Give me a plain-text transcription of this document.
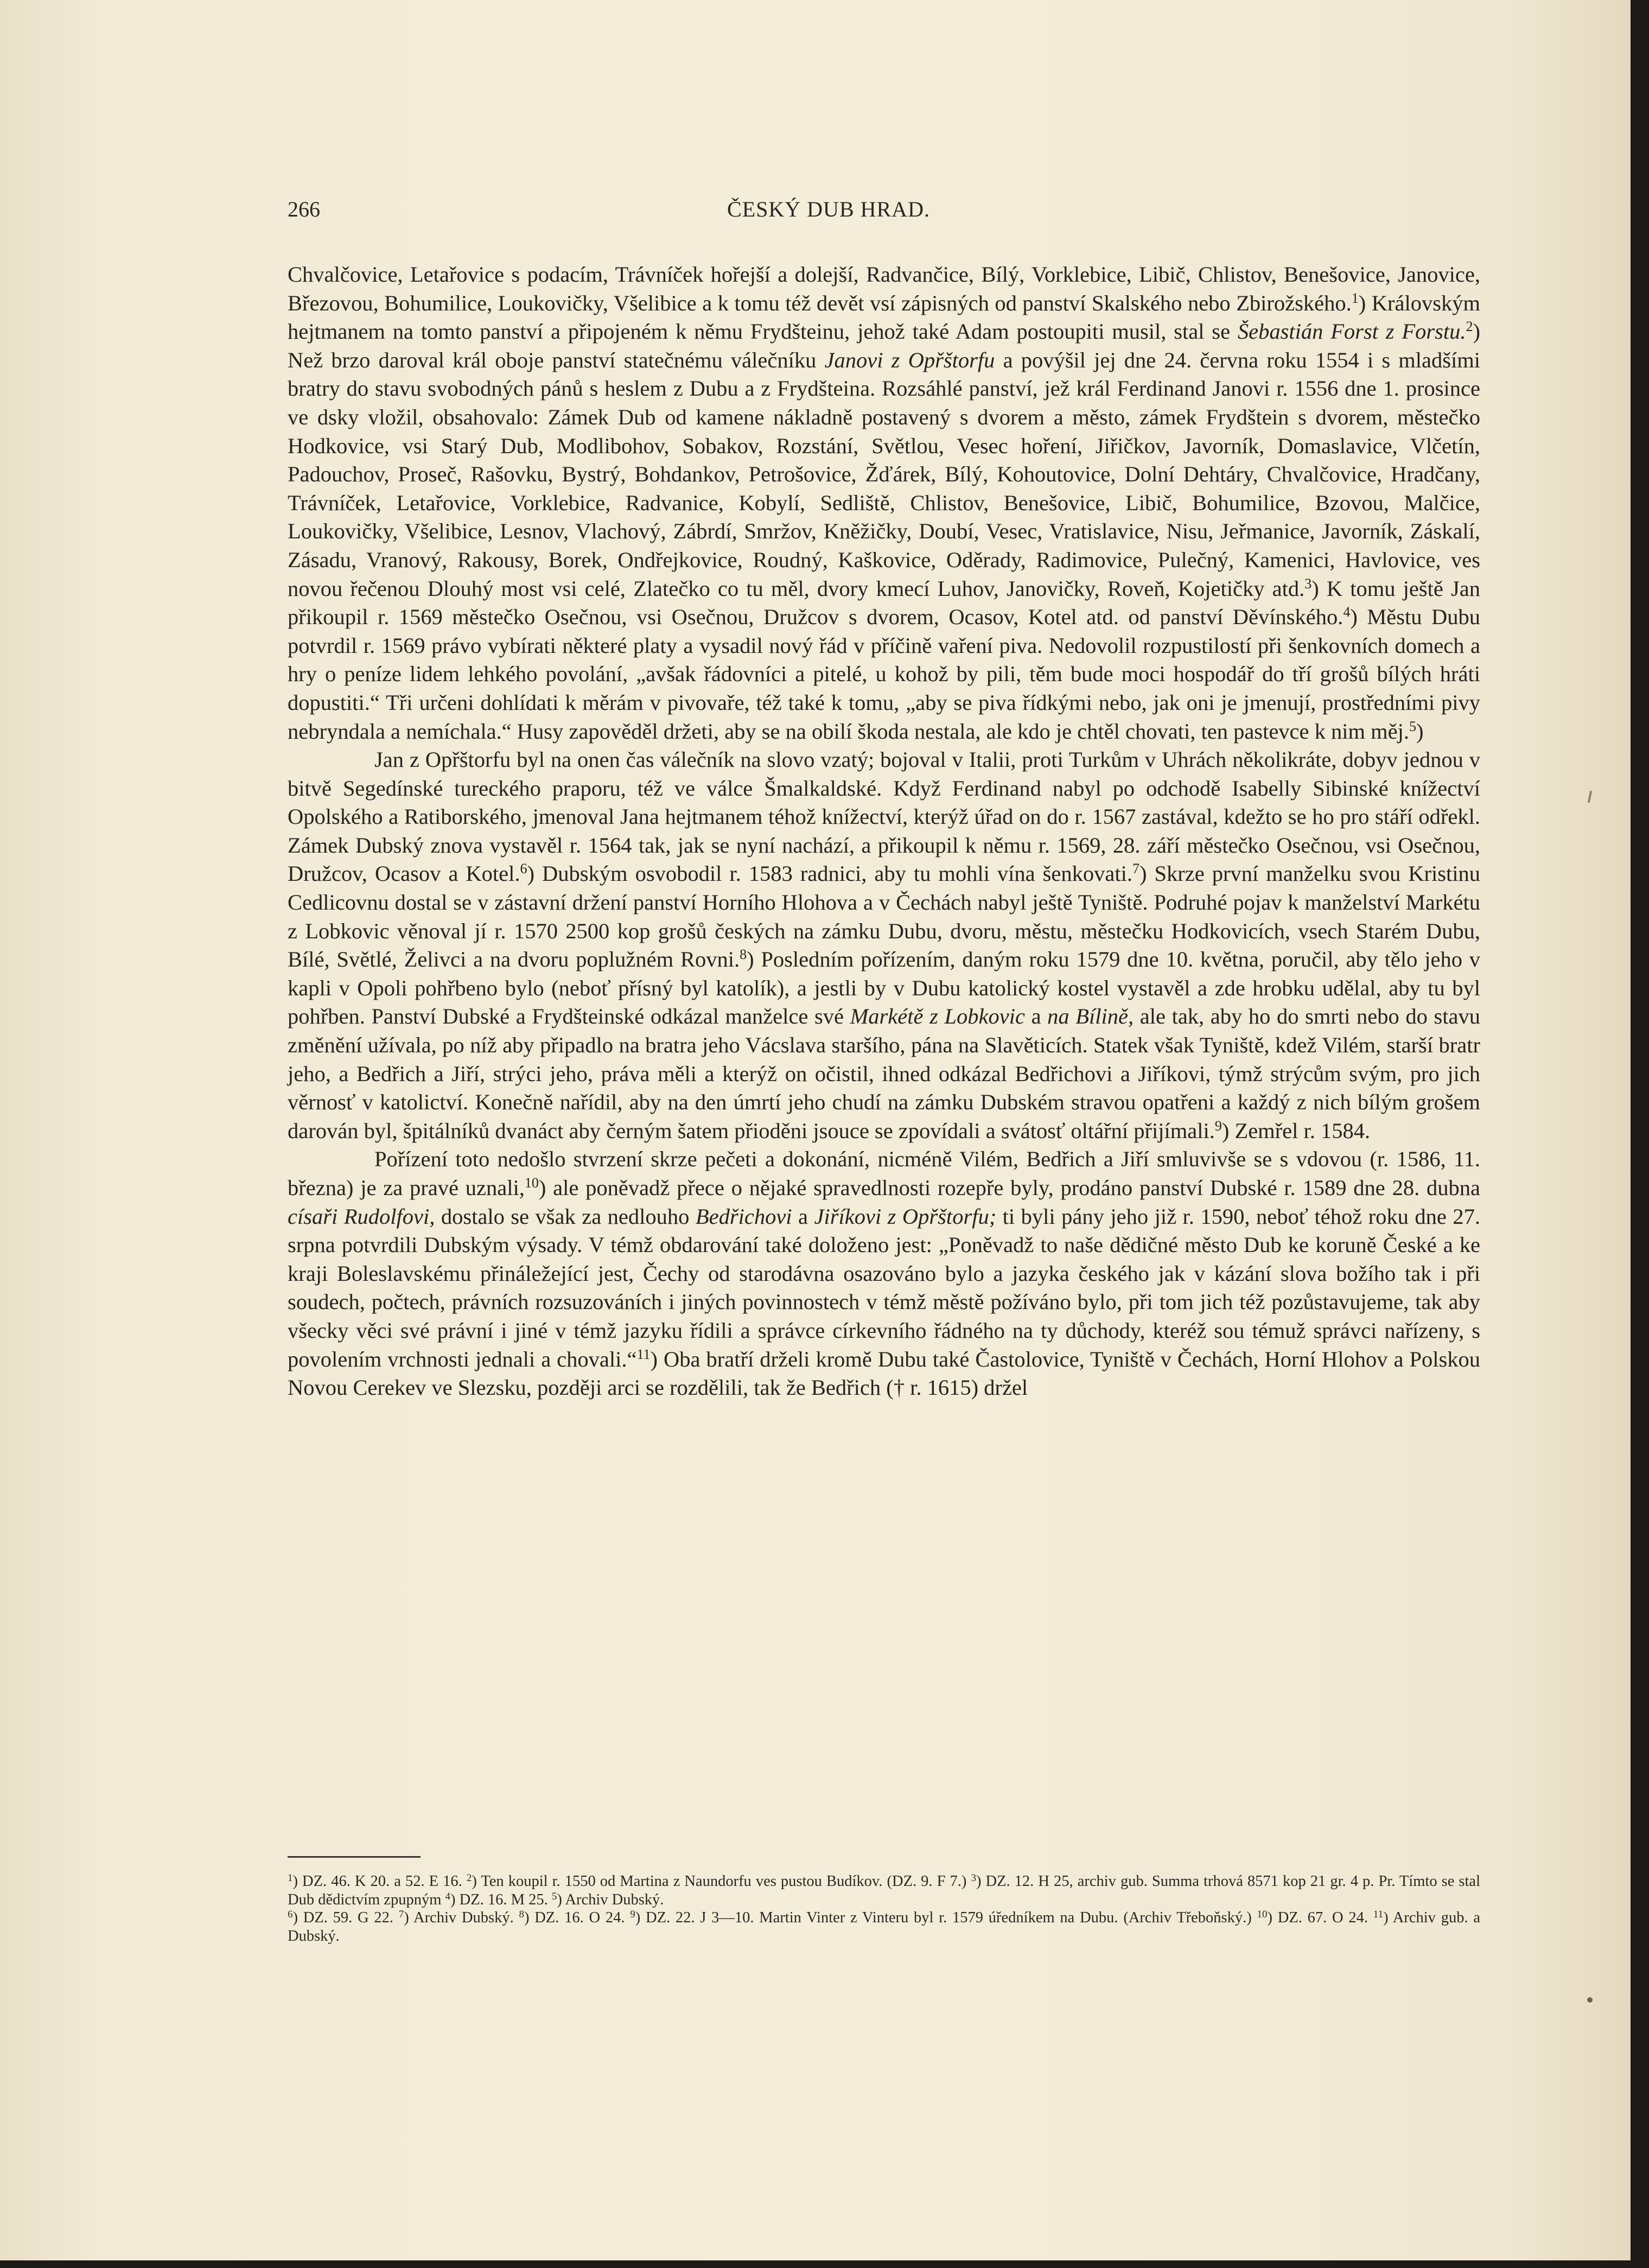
266	ČESKÝ DUB HRAD.

Chvalčovice, Letařovice s podacím, Trávníček hořejší a dolejší, Radvančice, Bílý, Vorklebice, Libič, Chlistov, Benešovice, Janovice, Březovou, Bohumilice, Loukovičky, Všelibice a k tomu též devět vsí zápisných od panství Skalského nebo Zbirožského.$^1$) Královským hejtmanem na tomto panství a připojeném k němu Frydšteinu, jehož také Adam postoupiti musil, stal se Šebastián Forst z Forstu.$^2$) Než brzo daroval král oboje panství statečnému válečníku Janovi z Opřštorfu a povýšil jej dne 24. června roku 1554 i s mladšími bratry do stavu svobodných pánů s heslem z Dubu a z Frydšteina. Rozsáhlé panství, jež král Ferdinand Janovi r. 1556 dne 1. prosince ve dsky vložil, obsahovalo: Zámek Dub od kamene nákladně postavený s dvorem a město, zámek Frydštein s dvorem, městečko Hodkovice, vsi Starý Dub, Modlibohov, Sobakov, Rozstání, Světlou, Vesec hoření, Jiřičkov, Javorník, Domaslavice, Vlčetín, Padouchov, Proseč, Rašovku, Bystrý, Bohdankov, Petrošovice, Žďárek, Bílý, Kohoutovice, Dolní Dehtáry, Chvalčovice, Hradčany, Trávníček, Letařovice, Vorklebice, Radvanice, Kobylí, Sedliště, Chlistov, Benešovice, Libič, Bohumilice, Bzovou, Malčice, Loukovičky, Všelibice, Lesnov, Vlachový, Zábrdí, Smržov, Kněžičky, Doubí, Vesec, Vratislavice, Nisu, Jeřmanice, Javorník, Záskalí, Zásadu, Vranový, Rakousy, Borek, Ondřejkovice, Roudný, Kaškovice, Oděrady, Radimovice, Pulečný, Kamenici, Havlovice, ves novou řečenou Dlouhý most vsi celé, Zlatečko co tu měl, dvory kmecí Luhov, Janovičky, Roveň, Kojetičky atd.$^3$) K tomu ještě Jan přikoupil r. 1569 městečko Osečnou, vsi Osečnou, Družcov s dvorem, Ocasov, Kotel atd. od panství Děvínského.$^4$) Městu Dubu potvrdil r. 1569 právo vybírati některé platy a vysadil nový řád v příčině vaření piva. Nedovolil rozpustilostí při šenkovních domech a hry o peníze lidem lehkého povolání, „avšak řádovníci a pitelé, u kohož by pili, těm bude moci hospodář do tří grošů bílých hráti dopustiti.“ Tři určeni dohlídati k měrám v pivovaře, též také k tomu, „aby se piva řídkými nebo, jak oni je jmenují, prostředními pivy nebryndala a nemíchala.“ Husy zapověděl držeti, aby se na obilí škoda nestala, ale kdo je chtěl chovati, ten pastevce k nim měj.$^5$)

Jan z Opřštorfu byl na onen čas válečník na slovo vzatý; bojoval v Italii, proti Turkům v Uhrách několikráte, dobyv jednou v bitvě Segedínské tureckého praporu, též ve válce Šmalkaldské. Když Ferdinand nabyl po odchodě Isabelly Sibinské knížectví Opolského a Ratiborského, jmenoval Jana hejtmanem téhož knížectví, kterýž úřad on do r. 1567 zastával, kdežto se ho pro stáří odřekl. Zámek Dubský znova vystavěl r. 1564 tak, jak se nyní nachází, a přikoupil k němu r. 1569, 28. září městečko Osečnou, vsi Osečnou, Družcov, Ocasov a Kotel.$^6$) Dubským osvobodil r. 1583 radnici, aby tu mohli vína šenkovati.$^7$) Skrze první manželku svou Kristinu Cedlicovnu dostal se v zástavní držení panství Horního Hlohova a v Čechách nabyl ještě Tyniště. Podruhé pojav k manželství Markétu z Lobkovic věnoval jí r. 1570 2500 kop grošů českých na zámku Dubu, dvoru, městu, městečku Hodkovicích, vsech Starém Dubu, Bílé, Světlé, Želivci a na dvoru poplužném Rovni.$^8$) Posledním pořízením, daným roku 1579 dne 10. května, poručil, aby tělo jeho v kapli v Opoli pohřbeno bylo (neboť přísný byl katolík), a jestli by v Dubu katolický kostel vystavěl a zde hrobku udělal, aby tu byl pohřben. Panství Dubské a Frydšteinské odkázal manželce své Markétě z Lobkovic a na Bílině, ale tak, aby ho do smrti nebo do stavu změnění užívala, po níž aby připadlo na bratra jeho Vácslava staršího, pána na Slavěticích. Statek však Tyniště, kdež Vilém, starší bratr jeho, a Bedřich a Jiří, strýci jeho, práva měli a kterýž on očistil, ihned odkázal Bedřichovi a Jiříkovi, týmž strýcům svým, pro jich věrnosť v katolictví. Konečně nařídil, aby na den úmrtí jeho chudí na zámku Dubském stravou opatřeni a každý z nich bílým grošem darován byl, špitálníků dvanáct aby černým šatem přioděni jsouce se zpovídali a svátosť oltářní přijímali.$^9$) Zemřel r. 1584.

Pořízení toto nedošlo stvrzení skrze pečeti a dokonání, nicméně Vilém, Bedřich a Jiří smluvivše se s vdovou (r. 1586, 11. března) je za pravé uznali,$^{10}$) ale poněvadž přece o nějaké spravedlnosti rozepře byly, prodáno panství Dubské r. 1589 dne 28. dubna císaři Rudolfovi, dostalo se však za nedlouho Bedřichovi a Jiříkovi z Opřštorfu; ti byli pány jeho již r. 1590, neboť téhož roku dne 27. srpna potvrdili Dubským výsady. V témž obdarování také doloženo jest: „Poněvadž to naše dědičné město Dub ke koruně České a ke kraji Boleslavskému přináležející jest, Čechy od starodávna osazováno bylo a jazyka českého jak v kázání slova božího tak i při soudech, počtech, právních rozsuzováních i jiných povinnostech v témž městě požíváno bylo, při tom jich též pozůstavujeme, tak aby všecky věci své právní i jiné v témž jazyku řídili a správce církevního řádného na ty důchody, kteréž sou témuž správci nařízeny, s povolením vrchnosti jednali a chovali.“$^{11}$) Oba bratří drželi kromě Dubu také Častolovice, Tyniště v Čechách, Horní Hlohov a Polskou Novou Cerekev ve Slezsku, později arci se rozdělili, tak že Bedřich († r. 1615) držel

$^1$) DZ. 46. K 20. a 52. E 16. $^2$) Ten koupil r. 1550 od Martina z Naundorfu ves pustou Budíkov. (DZ. 9. F 7.) $^3$) DZ. 12. H 25, archiv gub. Summa trhová 8571 kop 21 gr. 4 p. Pr. Tímto se stal Dub dědictvím zpupným $^4$) DZ. 16. M 25. $^5$) Archiv Dubský.
$^6$) DZ. 59. G 22. $^7$) Archiv Dubský. $^8$) DZ. 16. O 24. $^9$) DZ. 22. J 3—10. Martin Vinter z Vinteru byl r. 1579 úředníkem na Dubu. (Archiv Třeboňský.) $^{10}$) DZ. 67. O 24. $^{11}$) Archiv gub. a Dubský.
